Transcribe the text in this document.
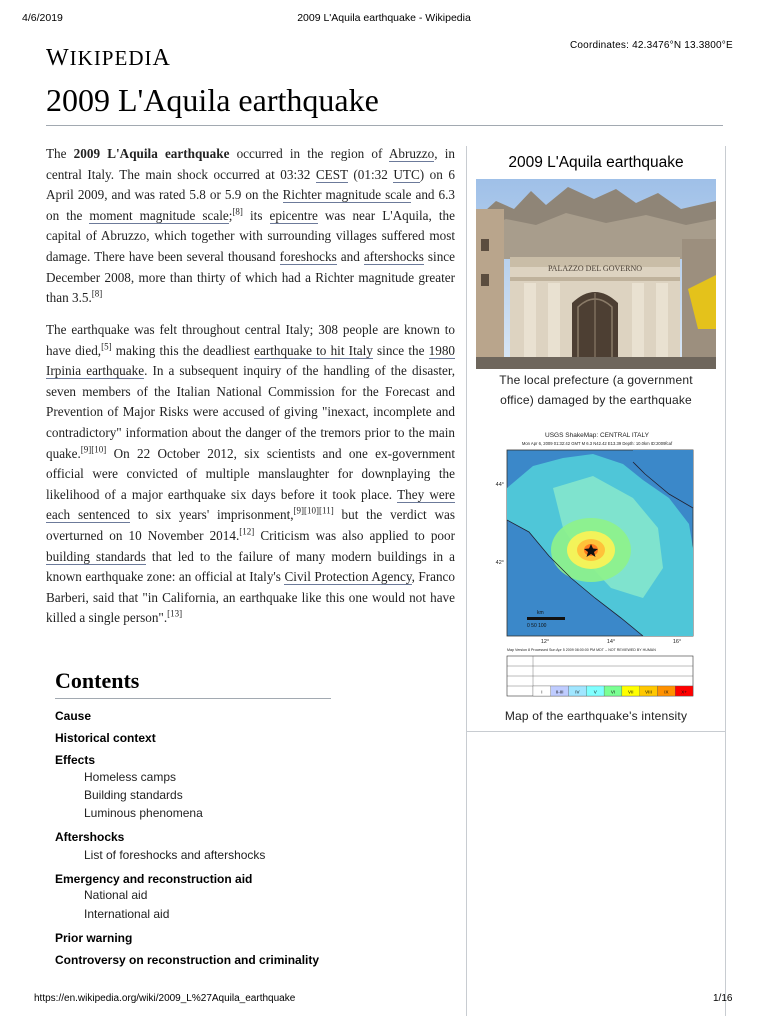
4/6/2019	2009 L'Aquila earthquake - Wikipedia
Coordinates: 42.3476°N 13.3800°E
WIKIPEDIA
2009 L'Aquila earthquake

The 2009 L'Aquila earthquake occurred in the region of Abruzzo, in central Italy. The main shock occurred at 03:32 CEST (01:32 UTC) on 6 April 2009, and was rated 5.8 or 5.9 on the Richter magnitude scale and 6.3 on the moment magnitude scale;[8] its epicentre was near L'Aquila, the capital of Abruzzo, which together with surrounding villages suffered most damage. There have been several thousand foreshocks and aftershocks since December 2008, more than thirty of which had a Richter magnitude greater than 3.5.[8]

The earthquake was felt throughout central Italy; 308 people are known to have died,[5] making this the deadliest earthquake to hit Italy since the 1980 Irpinia earthquake. In a subsequent inquiry of the handling of the disaster, seven members of the Italian National Commission for the Forecast and Prevention of Major Risks were accused of giving "inexact, incomplete and contradictory" information about the danger of the tremors prior to the main quake.[9][10] On 22 October 2012, six scientists and one ex-government official were convicted of multiple manslaughter for downplaying the likelihood of a major earthquake six days before it took place. They were each sentenced to six years' imprisonment,[9][10][11] but the verdict was overturned on 10 November 2014.[12] Criticism was also applied to poor building standards that led to the failure of many modern buildings in a known earthquake zone: an official at Italy's Civil Protection Agency, Franco Barberi, said that "in California, an earthquake like this one would not have killed a single person".[13]

2009 L'Aquila earthquake
PALAZZO DEL GOVERNO
The local prefecture (a government
office) damaged by the earthquake
USGS ShakeMap: CENTRAL ITALY
Mon Apr 6, 2009 01:32:42 GMT M 6.3 N42.42 E13.39 Depth: 10.0km ID:2009fcaf
44°
42°
km
0 50 100
12°	14°	16°
Map Version 8 Processed Sun Apr 5 2009 08:00:00 PM MDT -- NOT REVIEWED BY HUMAN
I	II-III	IV	V	VI	VII	VIII	IX	X+
Map of the earthquake's intensity
Contents
Cause
Historical context
Effects
Homeless camps
Building standards
Luminous phenomena
Aftershocks
List of foreshocks and aftershocks
Emergency and reconstruction aid
National aid
International aid
Prior warning
Controversy on reconstruction and criminality
https://en.wikipedia.org/wiki/2009_L%27Aquila_earthquake	1/16
